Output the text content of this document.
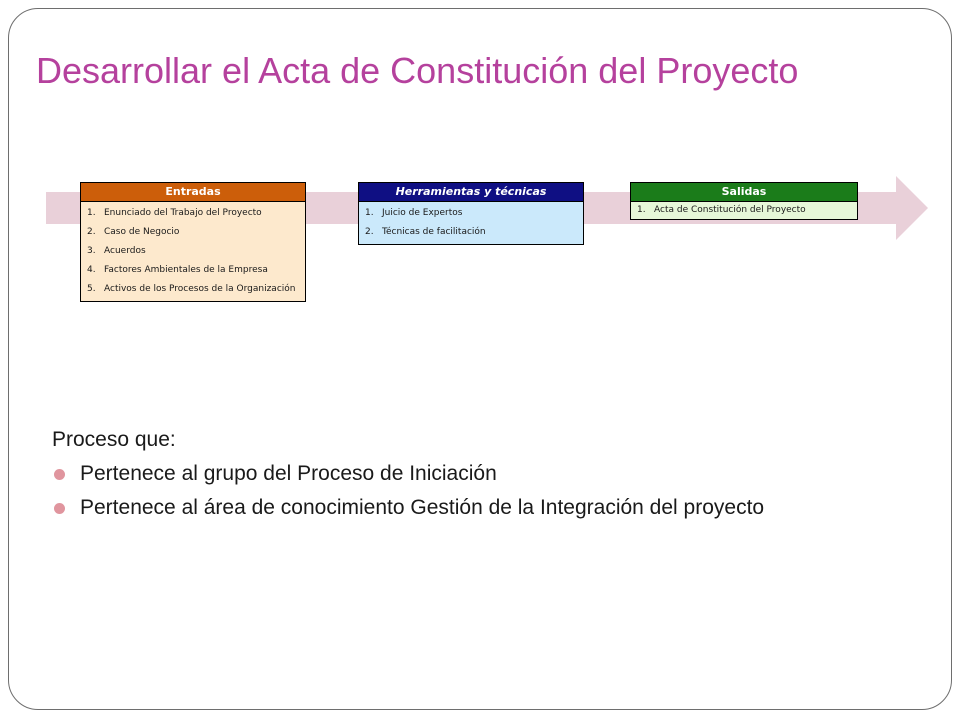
Desarrollar el Acta de Constitución del Proyecto
Entradas
1. Enunciado del Trabajo del Proyecto
2. Caso de Negocio
3. Acuerdos
4. Factores Ambientales de la Empresa
5. Activos de los Procesos de la Organización
Herramientas y técnicas
1. Juicio de Expertos
2. Técnicas de facilitación
Salidas
1. Acta de Constitución del Proyecto

Proceso que:

Pertenece al grupo del Proceso de Iniciación
Pertenece al área de conocimiento Gestión de la Integración del proyecto
